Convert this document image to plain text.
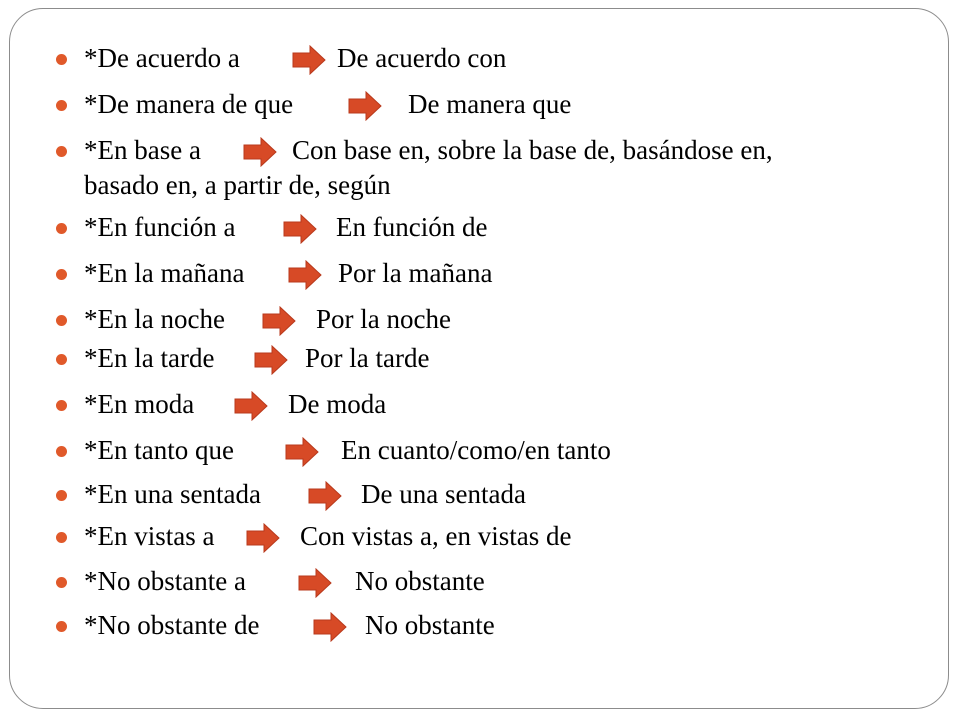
*De acuerdo a	De acuerdo con
*De manera de que	De manera que
*En base a	Con base en, sobre la base de, basándose en,
basado en, a partir de, según
*En función a	En función de
*En la mañana	Por la mañana
*En la noche	Por la noche
*En la tarde	Por la tarde
*En moda	De moda
*En tanto que	En cuanto/como/en tanto
*En una sentada	De una sentada
*En vistas a	Con vistas a, en vistas de
*No obstante a	No obstante
*No obstante de	No obstante
